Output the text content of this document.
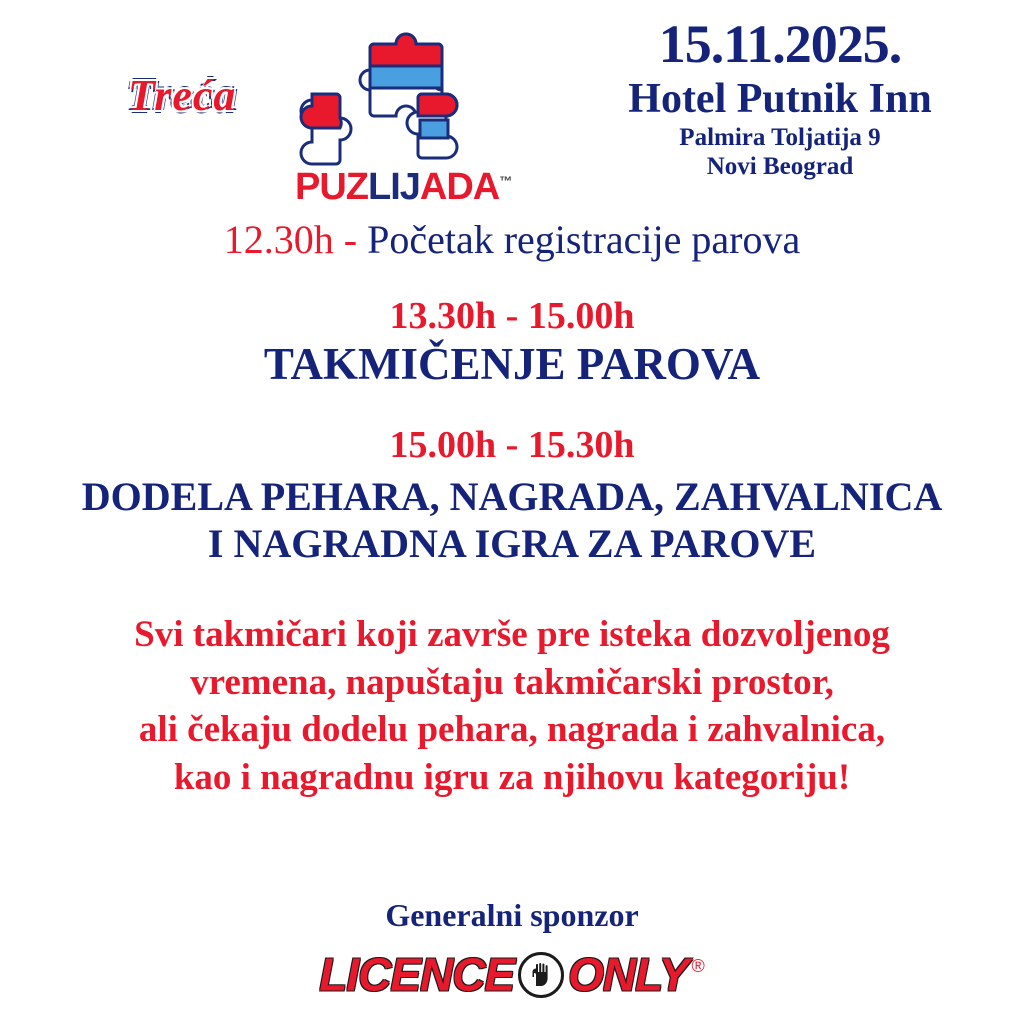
Treća
PUZLIJADA™
15.11.2025.
Hotel Putnik Inn
Palmira Toljatija 9
Novi Beograd
12.30h - Početak registracije parova
13.30h - 15.00h
TAKMIČENJE PAROVA
15.00h - 15.30h
DODELA PEHARA, NAGRADA, ZAHVALNICA
I NAGRADNA IGRA ZA PAROVE
Svi takmičari koji završe pre isteka dozvoljenog
vremena, napuštaju takmičarski prostor,
ali čekaju dodelu pehara, nagrada i zahvalnica,
kao i nagradnu igru za njihovu kategoriju!
Generalni sponzor
LICENCE ONLY ®
